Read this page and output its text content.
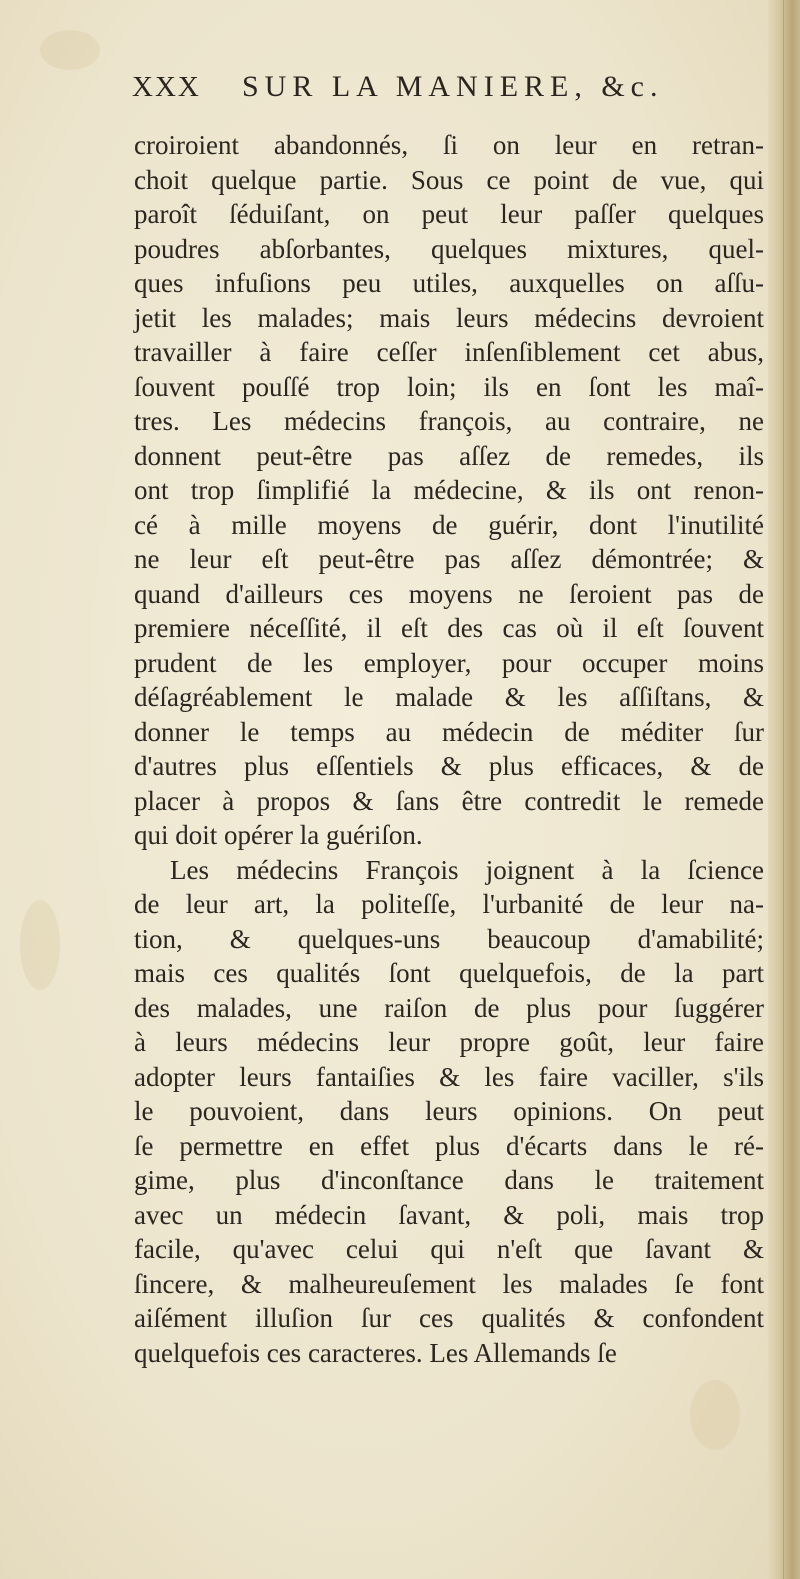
XXX	SUR LA MANIERE, &c.
croiroient abandonnés, ſi on leur en retran-
choit quelque partie. Sous ce point de vue, qui
paroît ſéduiſant, on peut leur paſſer quelques
poudres abſorbantes, quelques mixtures, quel-
ques infuſions peu utiles, auxquelles on aſſu-
jetit les malades; mais leurs médecins devroient
travailler à faire ceſſer inſenſiblement cet abus,
ſouvent pouſſé trop loin; ils en ſont les maî-
tres. Les médecins françois, au contraire, ne
donnent peut-être pas aſſez de remedes, ils
ont trop ſimplifié la médecine, & ils ont renon-
cé à mille moyens de guérir, dont l'inutilité
ne leur eſt peut-être pas aſſez démontrée; &
quand d'ailleurs ces moyens ne ſeroient pas de
premiere néceſſité, il eſt des cas où il eſt ſouvent
prudent de les employer, pour occuper moins
déſagréablement le malade & les aſſiſtans, &
donner le temps au médecin de méditer ſur
d'autres plus eſſentiels & plus efficaces, & de
placer à propos & ſans être contredit le remede
qui doit opérer la guériſon.
Les médecins François joignent à la ſcience
de leur art, la politeſſe, l'urbanité de leur na-
tion, & quelques-uns beaucoup d'amabilité;
mais ces qualités ſont quelquefois, de la part
des malades, une raiſon de plus pour ſuggérer
à leurs médecins leur propre goût, leur faire
adopter leurs fantaiſies & les faire vaciller, s'ils
le pouvoient, dans leurs opinions. On peut
ſe permettre en effet plus d'écarts dans le ré-
gime, plus d'inconſtance dans le traitement
avec un médecin ſavant, & poli, mais trop
facile, qu'avec celui qui n'eſt que ſavant &
ſincere, & malheureuſement les malades ſe font
aiſément illuſion ſur ces qualités & confondent
quelquefois ces caracteres. Les Allemands ſe
